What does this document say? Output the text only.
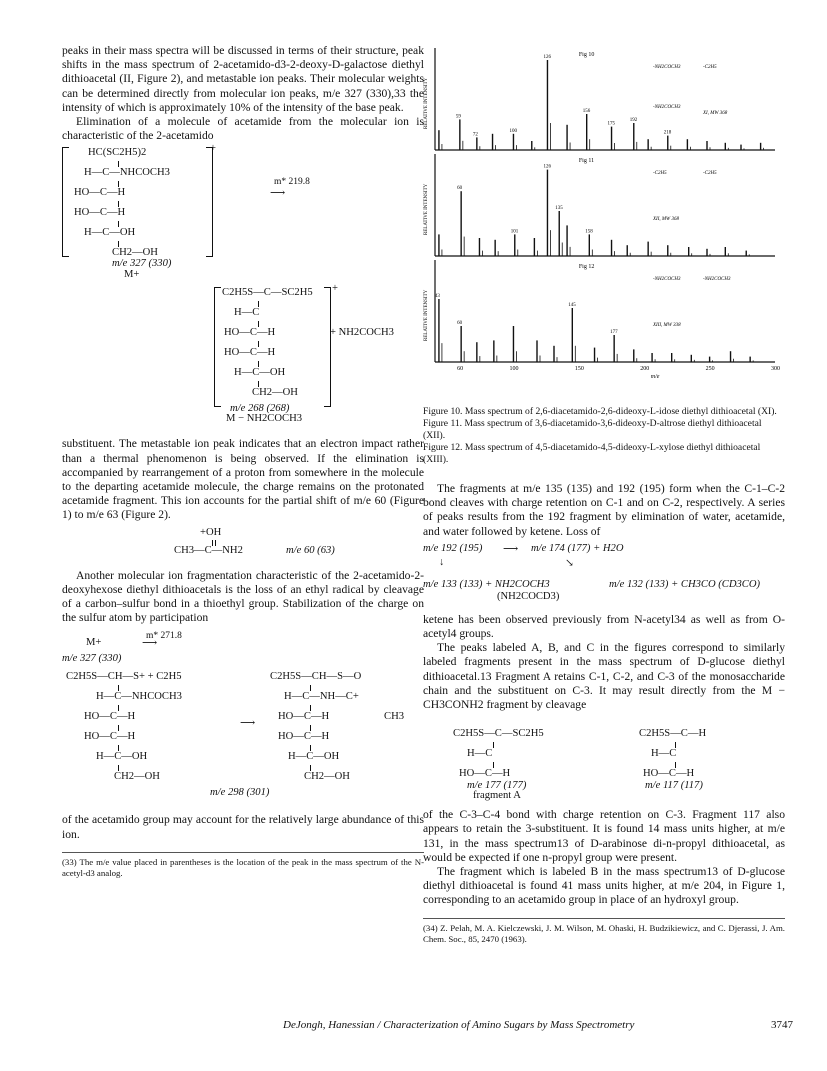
peaks in their mass spectra will be discussed in terms of their structure, peak shifts in the mass spectrum of 2-acetamido-d3-2-deoxy-D-galactose diethyl dithioacetal (II, Figure 2), and metastable ion peaks. Their molecular weights can be determined directly from molecular ion peaks, m/e 327 (330),33 the intensity of which is approximately 10% of the intensity of the base peak.

Elimination of a molecule of acetamide from the molecular ion is characteristic of the 2-acetamido

+
HC(SC2H5)2
H—C—NHCOCH3
HO—C—H
HO—C—H
H—C—OH
CH2—OH
m/e 327 (330)
m* 219.8
⟶
M+
+
C2H5S—C—SC2H5
H—C
HO—C—H
HO—C—H
H—C—OH
CH2—OH
+ NH2COCH3
m/e 268 (268)
M − NH2COCH3

substituent. The metastable ion peak indicates that an electron impact rather than a thermal phenomenon is being observed. If the elimination is accompanied by rearrangement of a proton from somewhere in the molecule to the departing acetamide molecule, the charge remains on the protonated acetamide fragment. This ion accounts for the partial shift of m/e 60 (Figure 1) to m/e 63 (Figure 2).

+OH
CH3—C—NH2	m/e 60 (63)

Another molecular ion fragmentation characteristic of the 2-acetamido-2-deoxyhexose diethyl dithioacetals is the loss of an ethyl radical by cleavage of a carbon–sulfur bond in a thioethyl group. Stabilization of the charge on the sulfur atom by participation

M+
m* 271.8
⟶
m/e 327 (330)
C2H5S—CH—S+ + C2H5
H—C—NHCOCH3
HO—C—H
HO—C—H
H—C—OH
CH2—OH
⟶
C2H5S—CH—S—O
H—C—NH—C+
CH3
HO—C—H
HO—C—H
H—C—OH
CH2—OH
m/e 298 (301)

of the acetamido group may account for the relatively large abundance of this ion.

(33) The m/e value placed in parentheses is the location of the peak in the mass spectrum of the N-acetyl-d3 analog.

RELATIVE INTENSITY
Fig 10
59
72
100
126
156
175
192
218
-NH2COCH3	-C2H5
-NH2COCH3
XI, MW 368
RELATIVE INTENSITY
Fig 11
60
101
126
135
158
-C2H5	-C2H5
XII, MW 368
RELATIVE INTENSITY
Fig 12
43
60
145
177
-NH2COCH3	-NH2COCH3
XIII, MW 338
60	100	150	200	250	300
m/e

Figure 10. Mass spectrum of 2,6-diacetamido-2,6-dideoxy-L-idose diethyl dithioacetal (XI).

Figure 11. Mass spectrum of 3,6-diacetamido-3,6-dideoxy-D-altrose diethyl dithioacetal (XII).

Figure 12. Mass spectrum of 4,5-diacetamido-4,5-dideoxy-L-xylose diethyl dithioacetal (XIII).

The fragments at m/e 135 (135) and 192 (195) form when the C-1–C-2 bond cleaves with charge retention on C-1 and on C-2, respectively. A series of peaks results from the 192 fragment by elimination of water, acetamide, and water followed by ketene. Loss of

m/e 192 (195) ⟶ m/e 174 (177) + H2O
↓	↘
m/e 133 (133) + NH2COCH3
(NH2COCD3)
m/e 132 (133) + CH3CO (CD3CO)

ketene has been observed previously from N-acetyl34 as well as from O-acetyl4 groups.

The peaks labeled A, B, and C in the figures correspond to similarly labeled fragments present in the mass spectrum of D-glucose diethyl dithioacetal.13 Fragment A retains C-1, C-2, and C-3 of the monosaccharide chain and the substituent on C-3. It may result directly from the M − CH3CONH2 fragment by cleavage

C2H5S—C—SC2H5
H—C
HO—C—H
m/e 177 (177)
fragment A
C2H5S—C—H
H—C
HO—C—H
m/e 117 (117)

of the C-3–C-4 bond with charge retention on C-3. Fragment 117 also appears to retain the 3-substituent. It is found 14 mass units higher, at m/e 131, in the mass spectrum13 of D-arabinose di-n-propyl dithioacetal, as would be expected if one n-propyl group were present.

The fragment which is labeled B in the mass spectrum13 of D-glucose diethyl dithioacetal is found 41 mass units higher, at m/e 204, in Figure 1, corresponding to an acetamido group in place of an hydroxyl group.

(34) Z. Pelah, M. A. Kielczewski, J. M. Wilson, M. Ohaski, H. Budzikiewicz, and C. Djerassi, J. Am. Chem. Soc., 85, 2470 (1963).

DeJongh, Hanessian / Characterization of Amino Sugars by Mass Spectrometry	3747
